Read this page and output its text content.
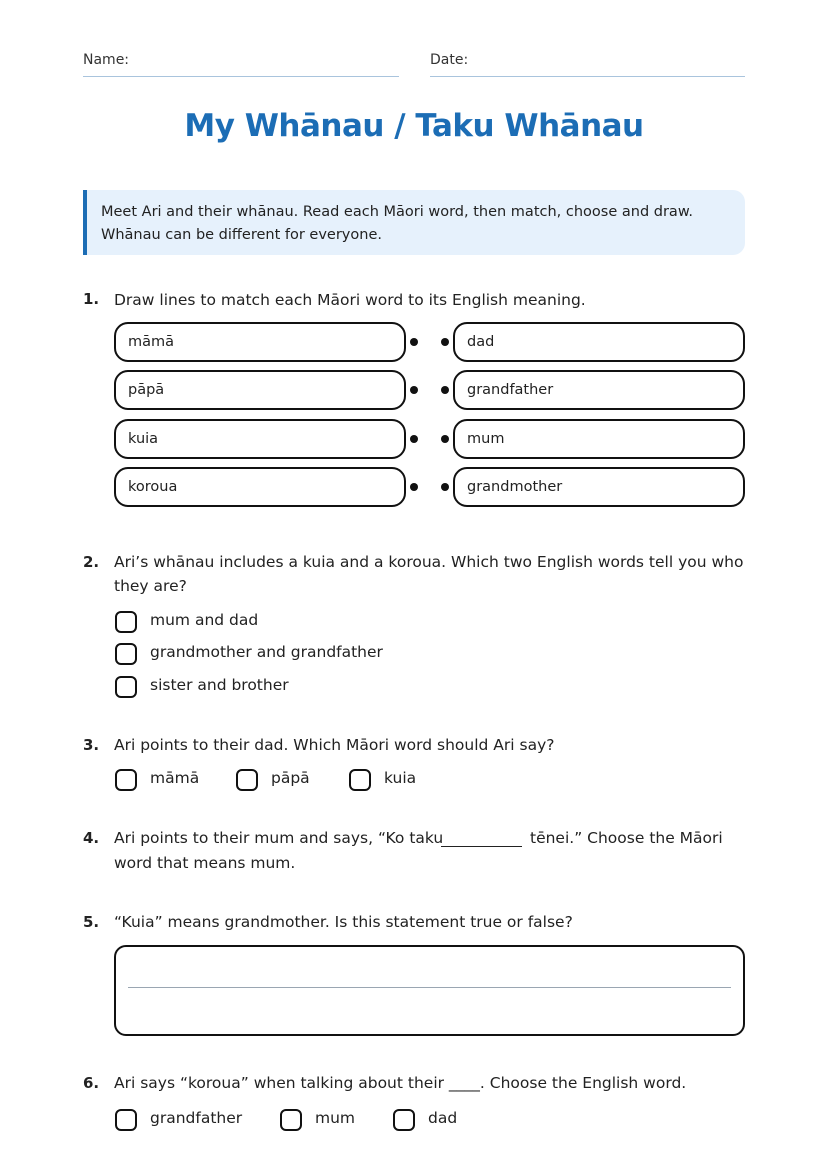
Name:	Date:
My Whānau / Taku Whānau
Meet Ari and their whānau. Read each Māori word, then match, choose and draw.
Whānau can be different for everyone.
1. Draw lines to match each Māori word to its English meaning.
māmā	dad
pāpā	grandfather
kuia	mum
koroua	grandmother
2. Ari’s whānau includes a kuia and a koroua. Which two English words tell you who
they are?
mum and dad
grandmother and grandfather
sister and brother
3. Ari points to their dad. Which Māori word should Ari say?
māmā	pāpā	kuia
4. Ari points to their mum and says, “Ko taku	tēnei.” Choose the Māori
word that means mum.
5. “Kuia” means grandmother. Is this statement true or false?
6. Ari says “koroua” when talking about their ____. Choose the English word.
grandfather	mum	dad
